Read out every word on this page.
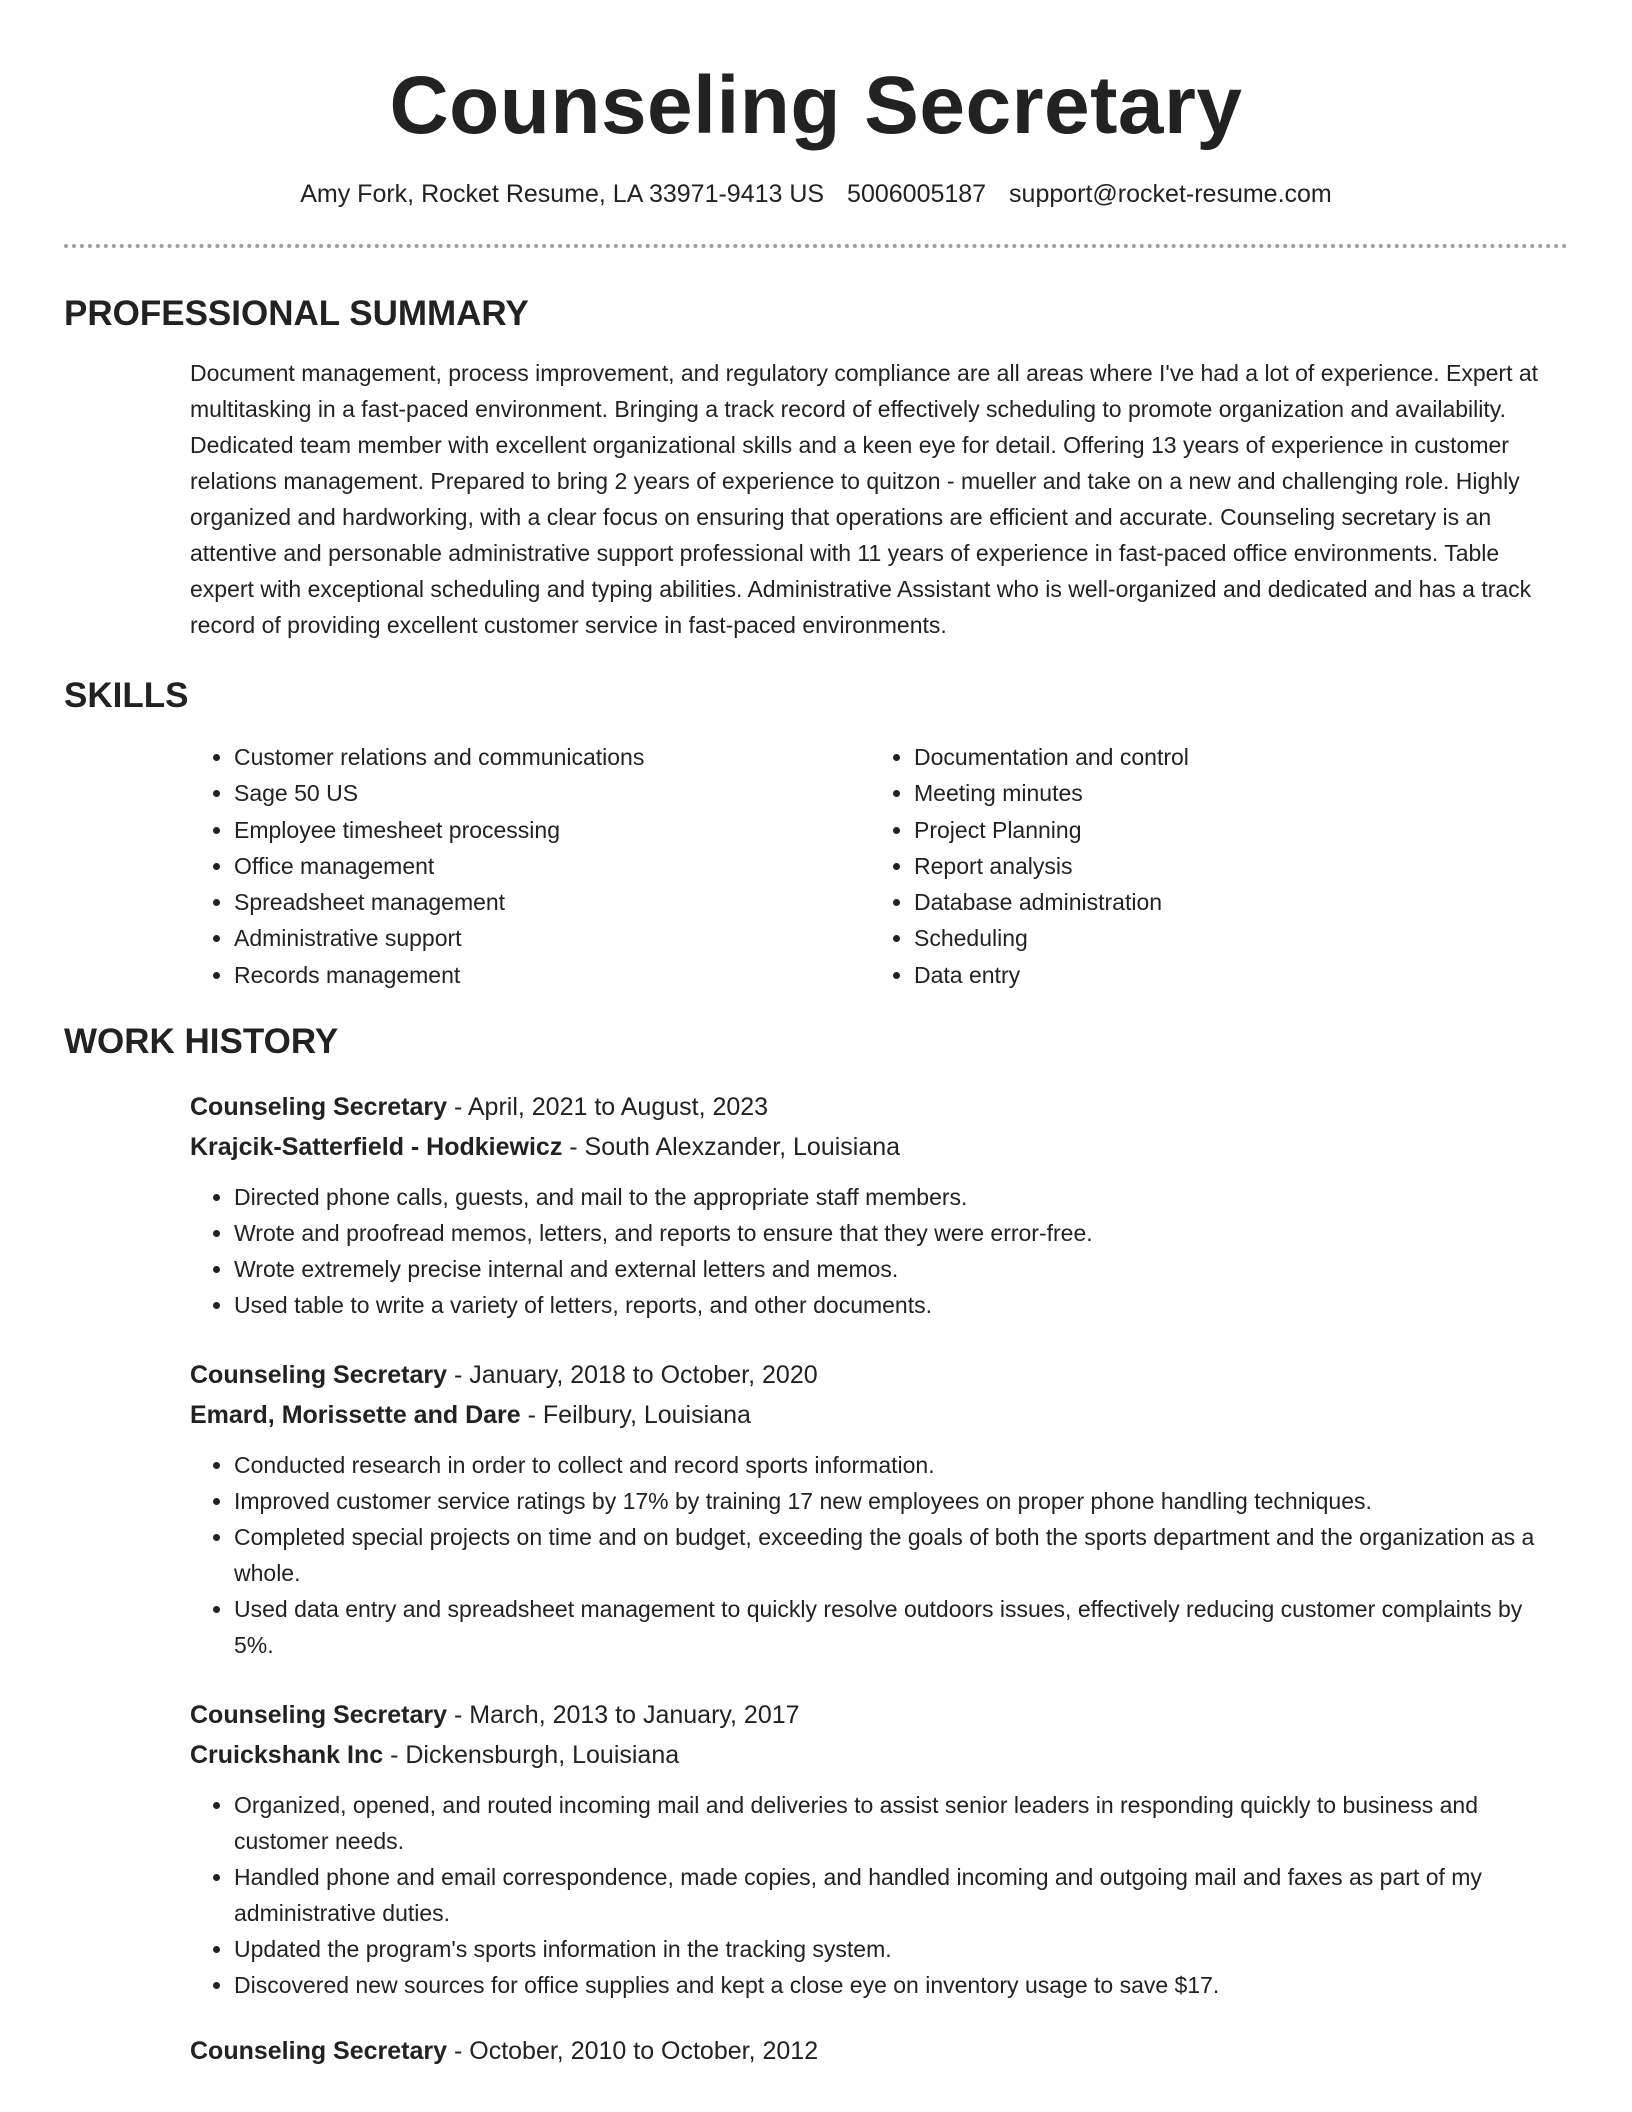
Counseling Secretary
Amy Fork, Rocket Resume, LA 33971-9413 US 5006005187 support@rocket-resume.com
PROFESSIONAL SUMMARY

Document management, process improvement, and regulatory compliance are all areas where I've had a lot of experience. Expert at multitasking in a fast-paced environment. Bringing a track record of effectively scheduling to promote organization and availability. Dedicated team member with excellent organizational skills and a keen eye for detail. Offering 13 years of experience in customer relations management. Prepared to bring 2 years of experience to quitzon - mueller and take on a new and challenging role. Highly organized and hardworking, with a clear focus on ensuring that operations are efficient and accurate. Counseling secretary is an attentive and personable administrative support professional with 11 years of experience in fast-paced office environments. Table expert with exceptional scheduling and typing abilities. Administrative Assistant who is well-organized and dedicated and has a track record of providing excellent customer service in fast-paced environments.

SKILLS
• Customer relations and communications
• Sage 50 US
• Employee timesheet processing
• Office management
• Spreadsheet management
• Administrative support
• Records management
• Documentation and control
• Meeting minutes
• Project Planning
• Report analysis
• Database administration
• Scheduling
• Data entry
WORK HISTORY
Counseling Secretary - April, 2021 to August, 2023
Krajcik-Satterfield - Hodkiewicz - South Alexzander, Louisiana
• Directed phone calls, guests, and mail to the appropriate staff members.
• Wrote and proofread memos, letters, and reports to ensure that they were error-free.
• Wrote extremely precise internal and external letters and memos.
• Used table to write a variety of letters, reports, and other documents.
Counseling Secretary - January, 2018 to October, 2020
Emard, Morissette and Dare - Feilbury, Louisiana
• Conducted research in order to collect and record sports information.
• Improved customer service ratings by 17% by training 17 new employees on proper phone handling techniques.
• Completed special projects on time and on budget, exceeding the goals of both the sports department and the organization as a whole.
• Used data entry and spreadsheet management to quickly resolve outdoors issues, effectively reducing customer complaints by 5%.
Counseling Secretary - March, 2013 to January, 2017
Cruickshank Inc - Dickensburgh, Louisiana
• Organized, opened, and routed incoming mail and deliveries to assist senior leaders in responding quickly to business and customer needs.
• Handled phone and email correspondence, made copies, and handled incoming and outgoing mail and faxes as part of my administrative duties.
• Updated the program's sports information in the tracking system.
• Discovered new sources for office supplies and kept a close eye on inventory usage to save $17.
Counseling Secretary - October, 2010 to October, 2012
